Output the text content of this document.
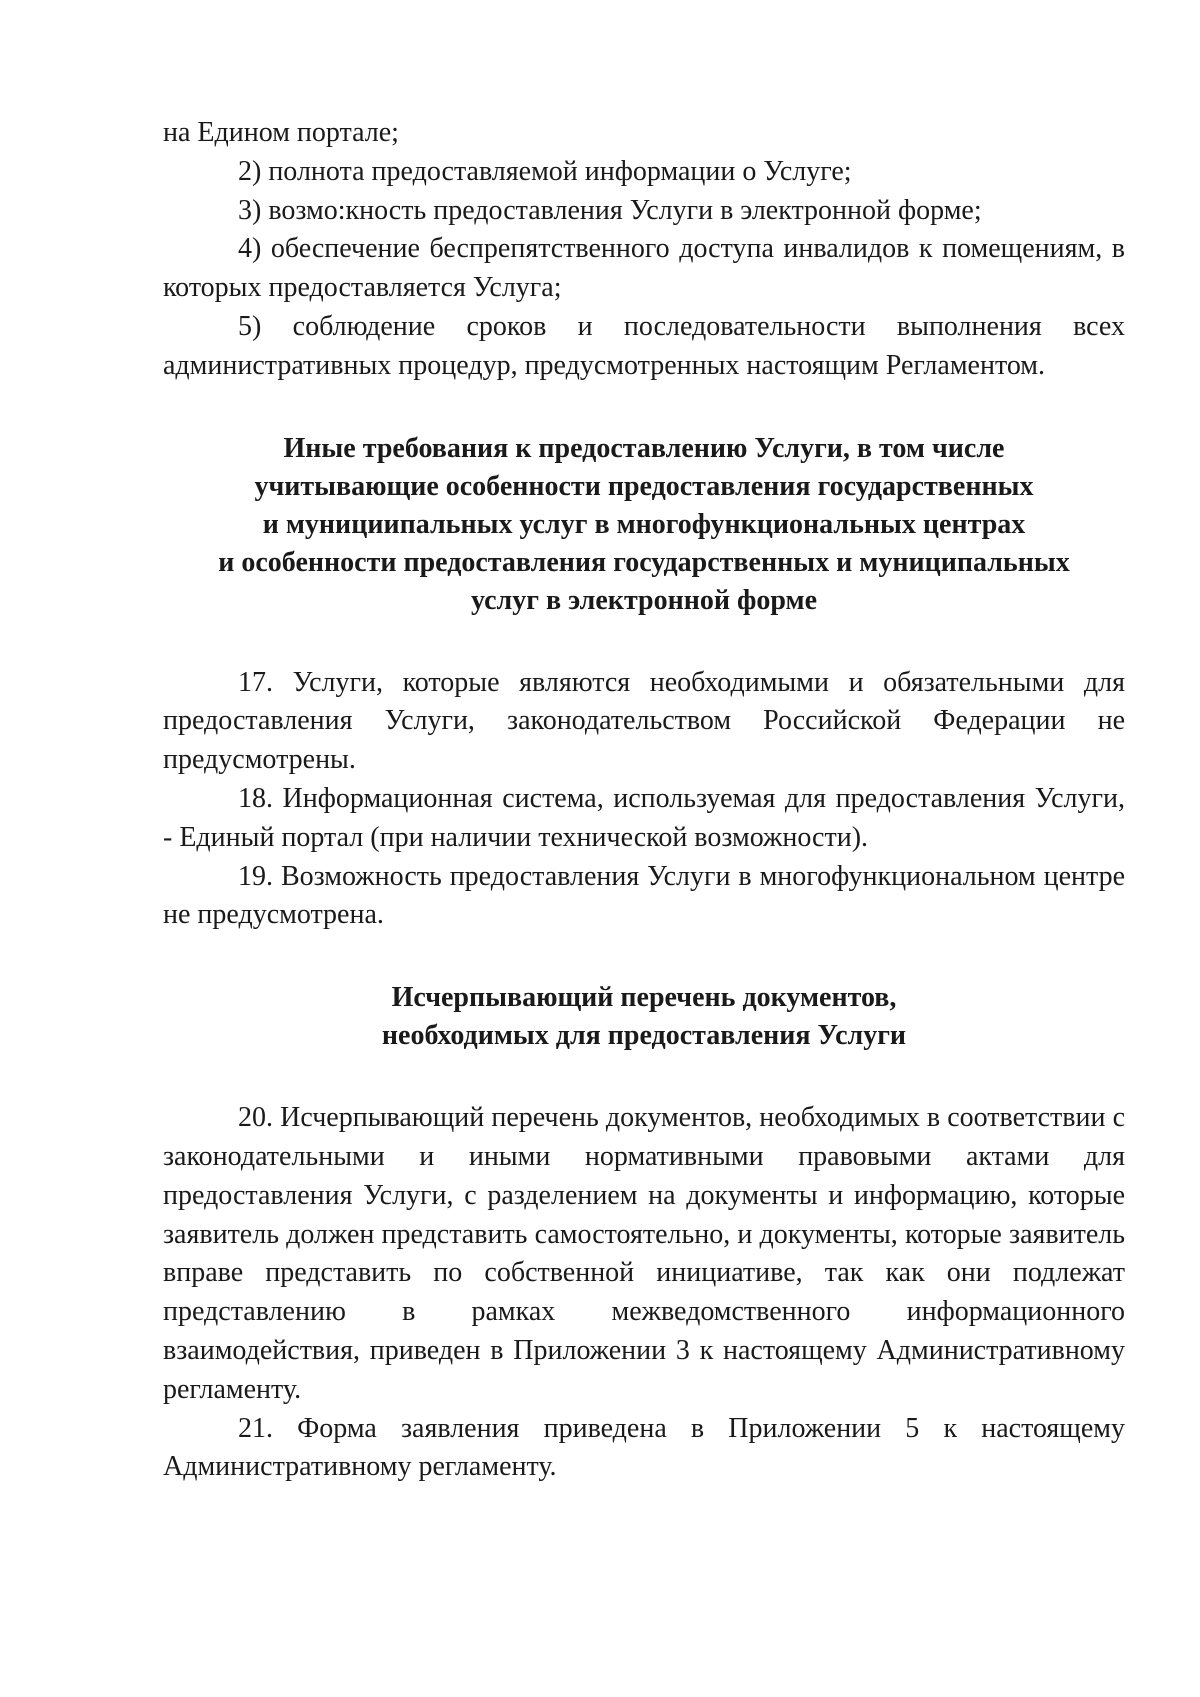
на Едином портале;

2) полнота предоставляемой информации о Услуге;

3) возмо:кность предоставления Услуги в электронной форме;

4) обеспечение беспрепятственного доступа инвалидов к помещениям, в которых предоставляется Услуга;

5) соблюдение сроков и последовательности выполнения всех административных процедур, предусмотренных настоящим Регламентом.

Иные требования к предоставлению Услуги, в том числе
учитывающие особенности предоставления государственных
и мунициипальных услуг в многофункциональных центрах
и особенности предоставления государственных и муниципальных
услуг в электронной форме

17. Услуги, которые являются необходимыми и обязательными для предоставления Услуги, законодательством Российской Федерации не предусмотрены.

18. Информационная система, используемая для предоставления Услуги, - Единый портал (при наличии технической возможности).

19. Возможность предоставления Услуги в многофункциональном центре не предусмотрена.

Исчерпывающий перечень документов,
необходимых для предоставления Услуги

20. Исчерпывающий перечень документов, необходимых в соответствии с законодательными и иными нормативными правовыми актами для предоставления Услуги, с разделением на документы и информацию, которые заявитель должен представить самостоятельно, и документы, которые заявитель вправе представить по собственной инициативе, так как они подлежат представлению в рамках межведомственного информационного взаимодействия, приведен в Приложении 3 к настоящему Административному регламенту.

21. Форма заявления приведена в Приложении 5 к настоящему Административному регламенту.
